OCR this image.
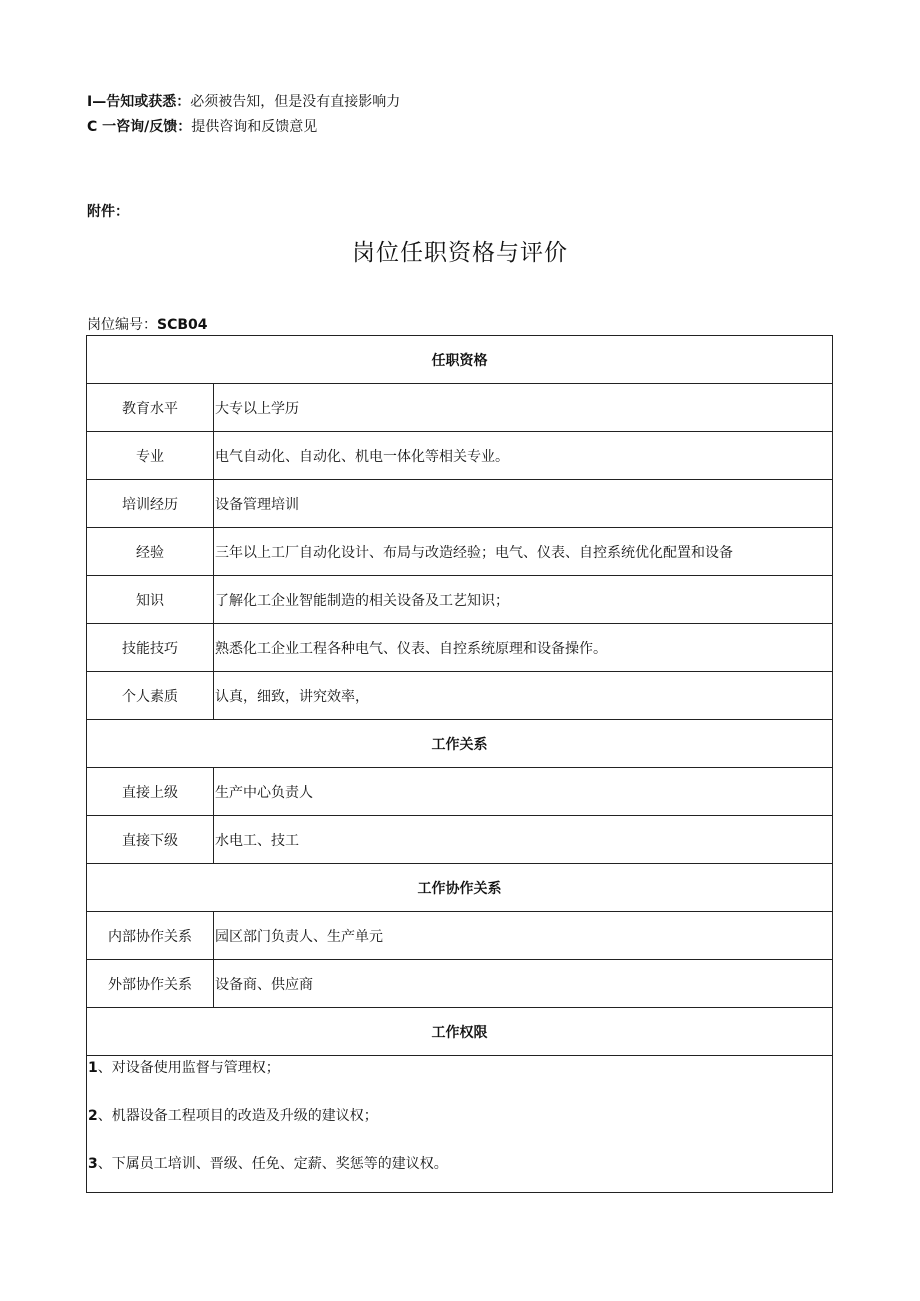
I—告知或获悉：必须被告知，但是没有直接影响力
C 一咨询/反馈：提供咨询和反馈意见
附件：
岗位任职资格与评价
岗位编号：SCB04
任职资格	
教育水平	大专以上学历
专业	电气自动化、自动化、机电一体化等相关专业。
培训经历	设备管理培训
经验	三年以上工厂自动化设计、布局与改造经验；电气、仪表、自控系统优化配置和设备
知识	了解化工企业智能制造的相关设备及工艺知识；
技能技巧	熟悉化工企业工程各种电气、仪表、自控系统原理和设备操作。
个人素质	认真，细致，讲究效率，
工作关系	
直接上级	生产中心负责人
直接下级	水电工、技工
工作协作关系	
内部协作关系	园区部门负责人、生产单元
外部协作关系	设备商、供应商
工作权限	

1、对设备使用监督与管理权；

2、机器设备工程项目的改造及升级的建议权；

3、下属员工培训、晋级、任免、定薪、奖惩等的建议权。	
